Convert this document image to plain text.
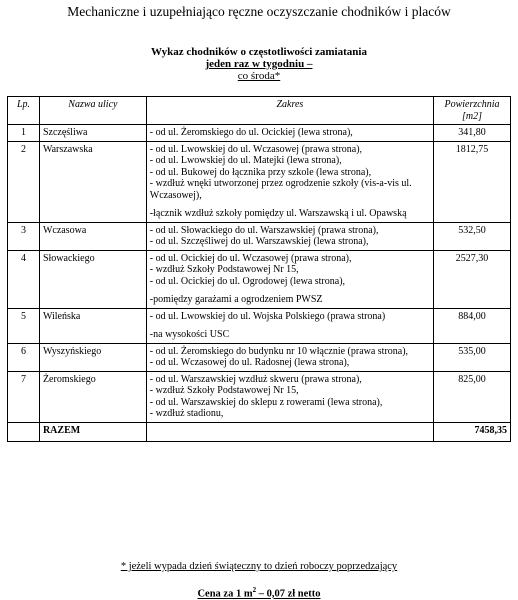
Mechaniczne i uzupełniająco ręczne oczyszczanie chodników i placów
Wykaz chodników o częstotliwości zamiatania
jeden raz w tygodniu –
co środa*
Lp.	Nazwa ulicy	Zakres	Powierzchnia
[m2]

1	Szczęśliwa	- od ul. Żeromskiego do ul. Ocickiej (lewa strona),	341,80
2	Warszawska	- od ul. Lwowskiej do ul. Wczasowej (prawa strona),
- od ul. Lwowskiej do ul. Matejki (lewa strona),
- od ul. Bukowej do łącznika przy szkole (lewa strona),
- wzdłuż wnęki utworzonej przez ogrodzenie szkoły (vis-a-vis ul. Wczasowej),
-łącznik wzdłuż szkoły pomiędzy ul. Warszawską i ul. Opawską	1812,75
3	Wczasowa	- od ul. Słowackiego do ul. Warszawskiej (prawa strona),
- od ul. Szczęśliwej do ul. Warszawskiej (lewa strona),	532,50
4	Słowackiego	- od ul. Ocickiej do ul. Wczasowej (prawa strona),
- wzdłuż Szkoły Podstawowej Nr 15,
- od ul. Ocickiej do ul. Ogrodowej (lewa strona),
-pomiędzy garażami a ogrodzeniem PWSZ	2527,30
5	Wileńska	- od ul. Lwowskiej do ul. Wojska Polskiego (prawa strona)
-na wysokości USC	884,00
6	Wyszyńskiego	- od ul. Żeromskiego do budynku nr 10 włącznie (prawa strona),
- od ul. Wczasowej do ul. Radosnej (lewa strona),	535,00
7	Żeromskiego	- od ul. Warszawskiej wzdłuż skweru (prawa strona),
- wzdłuż Szkoły Podstawowej Nr 15,
- od ul. Warszawskiej do sklepu z rowerami (lewa strona),
- wzdłuż stadionu,	825,00
	RAZEM		7458,35
* jeżeli wypada dzień świąteczny to dzień roboczy poprzedzający
Cena za 1 $m^2 - 0,07$ zł netto
